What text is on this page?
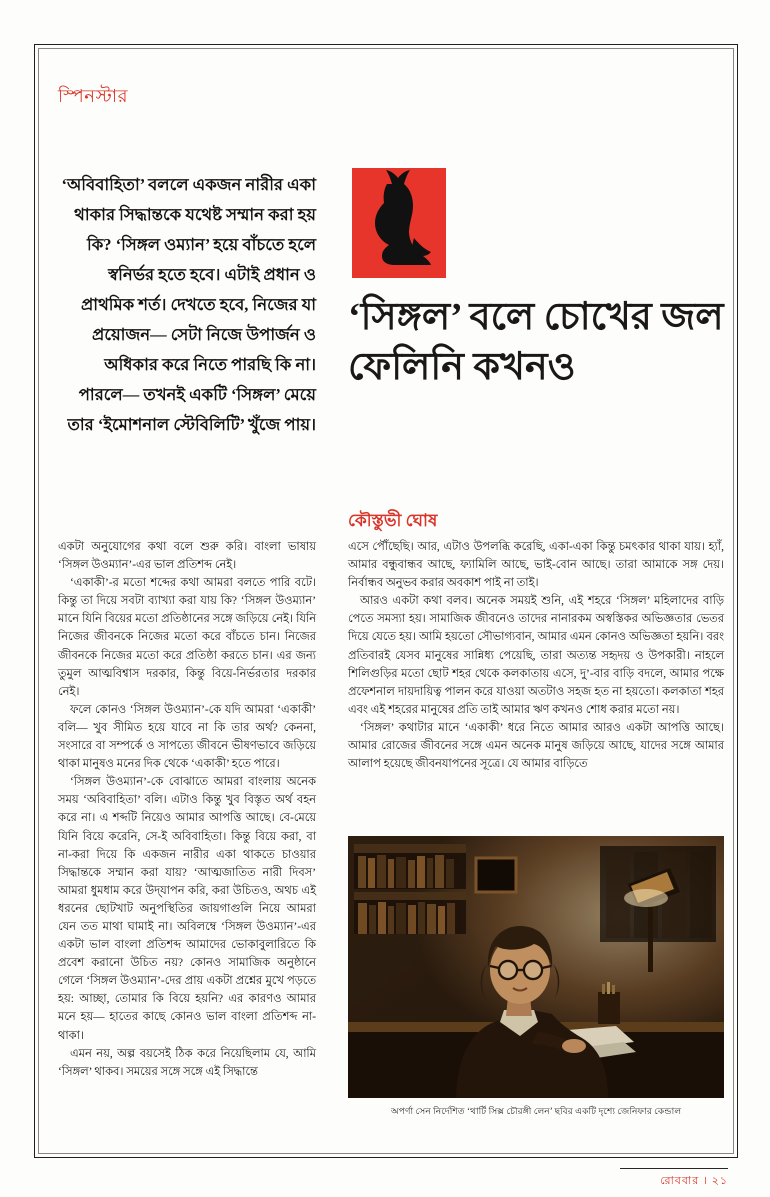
স্পিনস্টার
‘অবিবাহিতা’ বললে একজন নারীর একা থাকার সিদ্ধান্তকে যথেষ্ট সম্মান করা হয় কি? ‘সিঙ্গল ওম্যান’ হয়ে বাঁচতে হলে স্বনির্ভর হতে হবে। এটাই প্রধান ও প্রাথমিক শর্ত। দেখতে হবে, নিজের যা প্রয়োজন— সেটা নিজে উপার্জন ও অধিকার করে নিতে পারছি কি না। পারলে— তখনই একটি ‘সিঙ্গল’ মেয়ে তার ‘ইমোশনাল স্টেবিলিটি’ খুঁজে পায়।
‘সিঙ্গল’ বলে চোখের জল ফেলিনি কখনও
কৌস্তুভী ঘোষ

একটা অনুযোগের কথা বলে শুরু করি। বাংলা ভাষায় ‘সিঙ্গল উওম্যান’-এর ভাল প্রতিশব্দ নেই।

‘একাকী’-র মতো শব্দের কথা আমরা বলতে পারি বটে। কিন্তু তা দিয়ে সবটা ব্যাখ্যা করা যায় কি? ‘সিঙ্গল উওম্যান’ মানে যিনি বিয়ের মতো প্রতিষ্ঠানের সঙ্গে জড়িয়ে নেই। যিনি নিজের জীবনকে নিজের মতো করে বাঁচতে চান। নিজের জীবনকে নিজের মতো করে প্রতিষ্ঠা করতে চান। এর জন্য তুমুল আত্মবিশ্বাস দরকার, কিন্তু বিয়ে-নির্ভরতার দরকার নেই।

ফলে কোনও ‘সিঙ্গল উওম্যান’-কে যদি আমরা ‘একাকী’ বলি— খুব সীমিত হয়ে যাবে না কি তার অর্থ? কেননা, সংসারে বা সম্পর্কে ও সাপত্যে জীবনে ভীষণভাবে জড়িয়ে থাকা মানুষও মনের দিক থেকে ‘একাকী’ হতে পারে।

‘সিঙ্গল উওম্যান’-কে বোঝাতে আমরা বাংলায় অনেক সময় ‘অবিবাহিতা’ বলি। এটাও কিন্তু খুব বিস্তৃত অর্থ বহন করে না। এ শব্দটি নিয়েও আমার আপত্তি আছে। বে-মেয়ে যিনি বিয়ে করেনি, সে-ই অবিবাহিতা। কিন্তু বিয়ে করা, বা না-করা দিয়ে কি একজন নারীর একা থাকতে চাওয়ার সিদ্ধান্তকে সম্মান করা যায়? ‘আত্মজাতিত নারী দিবস’ আমরা ধুমধাম করে উদ্‌যাপন করি, করা উচিতও, অথচ এই ধরনের ছোটখাট অনুপস্থিতির জায়গাগুলি নিয়ে আমরা যেন তত মাথা ঘামাই না। অবিলম্বে ‘সিঙ্গল উওম্যান’-এর একটা ভাল বাংলা প্রতিশব্দ আমাদের ভোকাবুলারিতে কি প্রবেশ করানো উচিত নয়? কোনও সামাজিক অনুষ্ঠানে গেলে ‘সিঙ্গল উওম্যান’-দের প্রায় একটা প্রশ্নের মুখে পড়তে হয়: আচ্ছা, তোমার কি বিয়ে হয়নি? এর কারণও আমার মনে হয়— হাতের কাছে কোনও ভাল বাংলা প্রতিশব্দ না-থাকা।

এমন নয়, অল্প বয়সেই ঠিক করে নিয়েছিলাম যে, আমি ‘সিঙ্গল’ থাকব। সময়ের সঙ্গে সঙ্গে এই সিদ্ধান্তে

এসে পৌঁছেছি। আর, এটাও উপলব্ধি করেছি, একা-একা কিন্তু চমৎকার থাকা যায়। হ্যাঁ, আমার বন্ধুবান্ধব আছে, ফ্যামিলি আছে, ভাই-বোন আছে। তারা আমাকে সঙ্গ দেয়। নির্বান্ধব অনুভব করার অবকাশ পাই না তাই।

আরও একটা কথা বলব। অনেক সময়ই শুনি, এই শহরে ‘সিঙ্গল’ মহিলাদের বাড়ি পেতে সমস্যা হয়। সামাজিক জীবনেও তাদের নানারকম অস্বস্তিকর অভিজ্ঞতার ভেতর দিয়ে যেতে হয়। আমি হয়তো সৌভাগ্যবান, আমার এমন কোনও অভিজ্ঞতা হয়নি। বরং প্রতিবারই যেসব মানুষের সান্নিধ্য পেয়েছি, তারা অত্যন্ত সহৃদয় ও উপকারী। নাহলে শিলিগুড়ির মতো ছোট শহর থেকে কলকাতায় এসে, দু’-বার বাড়ি বদলে, আমার পক্ষে প্রফেশনাল দায়দায়িত্ব পালন করে যাওয়া অতটাও সহজ হত না হয়তো। কলকাতা শহর এবং এই শহরের মানুষের প্রতি তাই আমার ঋণ কখনও শোধ করার মতো নয়।

‘সিঙ্গল’ কথাটার মানে ‘একাকী’ ধরে নিতে আমার আরও একটা আপত্তি আছে। আমার রোজের জীবনের সঙ্গে এমন অনেক মানুষ জড়িয়ে আছে, যাদের সঙ্গে আমার আলাপ হয়েছে জীবনযাপনের সূত্রে। যে আমার বাড়িতে

অপর্ণা সেন নির্দেশিত ‘থার্টি সিক্স চৌরঙ্গী লেন’ ছবির একটি দৃশ্যে জেনিফার কেন্ডাল
রোববার । ২১
